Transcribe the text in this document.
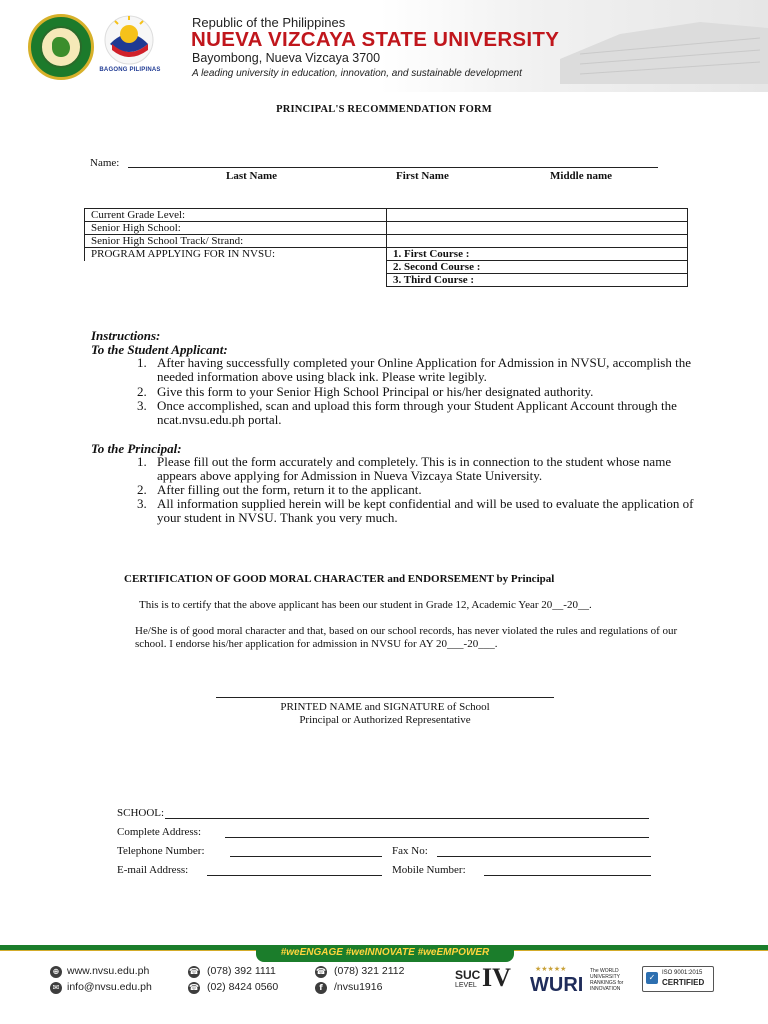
BAGONG PILIPINAS
Republic of the Philippines
NUEVA VIZCAYA STATE UNIVERSITY
Bayombong, Nueva Vizcaya 3700
A leading university in education, innovation, and sustainable development
PRINCIPAL'S RECOMMENDATION FORM
Name:
Last Name	First Name	Middle name
Current Grade Level:	
Senior High School:	
Senior High School Track/ Strand:	
PROGRAM APPLYING FOR IN NVSU:	1. First Course :
	2. Second Course :
	3. Third Course :
Instructions:
To the Student Applicant:
1. After having successfully completed your Online Application for Admission in NVSU, accomplish the needed information above using black ink. Please write legibly.
2. Give this form to your Senior High School Principal or his/her designated authority.
3. Once accomplished, scan and upload this form through your Student Applicant Account through the ncat.nvsu.edu.ph portal.
To the Principal:
1. Please fill out the form accurately and completely. This is in connection to the student whose name appears above applying for Admission in Nueva Vizcaya State University.
2. After filling out the form, return it to the applicant.
3. All information supplied herein will be kept confidential and will be used to evaluate the application of your student in NVSU. Thank you very much.
CERTIFICATION OF GOOD MORAL CHARACTER and ENDORSEMENT by Principal
This is to certify that the above applicant has been our student in Grade 12, Academic Year 20__-20__.
He/She is of good moral character and that, based on our school records, has never violated the rules and regulations of our school. I endorse his/her application for admission in NVSU for AY 20___-20___.
PRINTED NAME and SIGNATURE of School
Principal or Authorized Representative
SCHOOL:
Complete Address:
Telephone Number:	Fax No:
E-mail Address:	Mobile Number:
#weENGAGE #weINNOVATE #weEMPOWER
⊕ www.nvsu.edu.ph
✉ info@nvsu.edu.ph
☎ (078) 392 1111
☎ (02) 8424 0560
☎ (078) 321 2112
f	/nvsu1916
SUC
LEVEL IV	★★★★★
WURI
The WORLD UNIVERSITY RANKINGS for INNOVATION
✓	ISO 9001:2015
CERTIFIED
